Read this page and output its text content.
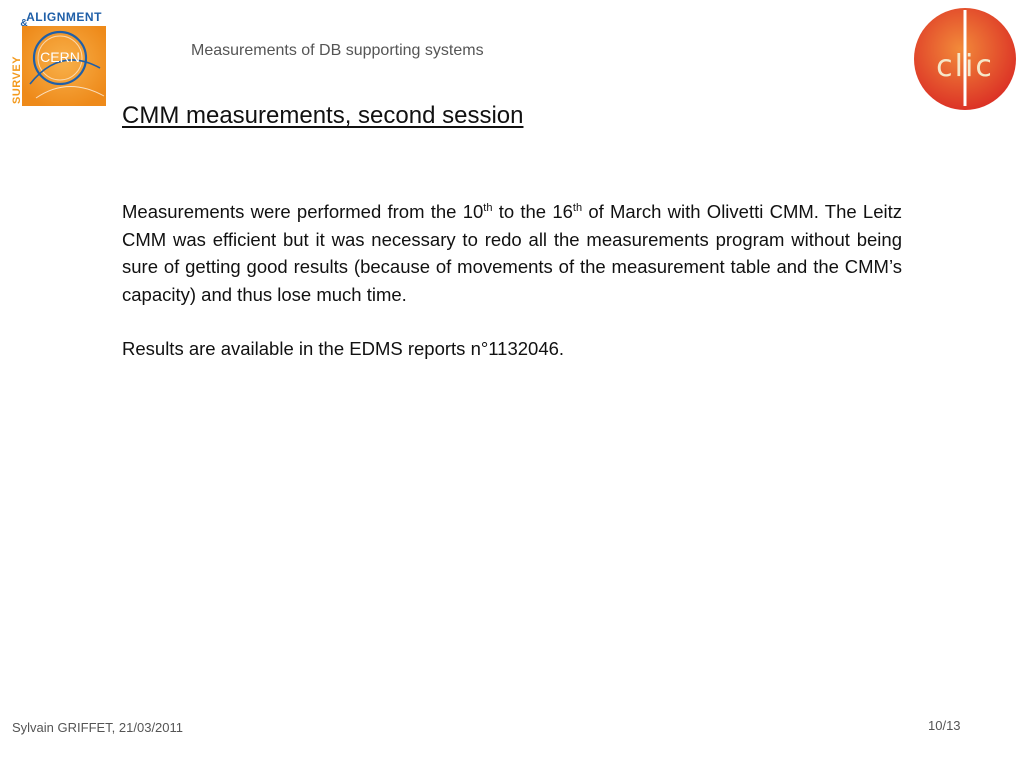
CERN
ALIGNMENT
&
SURVEY
Measurements of DB supporting systems	clic
CMM measurements, second session

Measurements were performed from the 10th to the 16th of March with Olivetti CMM. The Leitz CMM was efficient but it was necessary to redo all the measurements program without being sure of getting good results (because of movements of the measurement table and the CMM’s capacity) and thus lose much time.

Results are available in the EDMS reports n°1132046.

Sylvain GRIFFET, 21/03/2011	10/13
